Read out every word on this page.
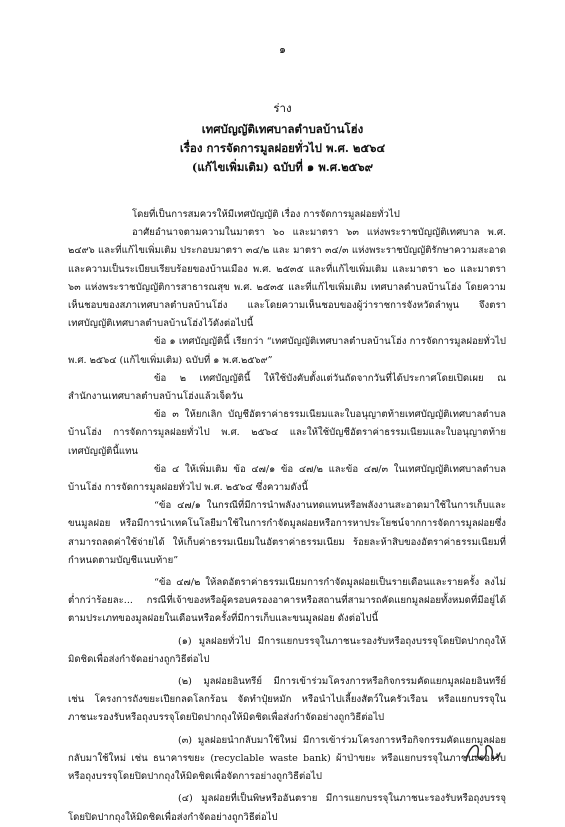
๑
ร่าง
เทศบัญญัติเทศบาลตำบลบ้านโฮ่ง
เรื่อง การจัดการมูลฝอยทั่วไป พ.ศ. ๒๕๖๔
(แก้ไขเพิ่มเติม) ฉบับที่ ๑ พ.ศ.๒๕๖๙

โดยที่เป็นการสมควรให้มีเทศบัญญัติ เรื่อง การจัดการมูลฝอยทั่วไป

อาศัยอำนาจตามความในมาตรา ๖๐ และมาตรา ๖๓ แห่งพระราชบัญญัติเทศบาล พ.ศ. ๒๔๙๖ และที่แก้ไขเพิ่มเติม ประกอบมาตรา ๓๔/๒ และ มาตรา ๓๔/๓ แห่งพระราชบัญญัติรักษาความสะอาดและความเป็นระเบียบเรียบร้อยของบ้านเมือง พ.ศ. ๒๕๓๕ และที่แก้ไขเพิ่มเติม และมาตรา ๒๐ และมาตรา ๖๓ แห่งพระราชบัญญัติการสาธารณสุข พ.ศ. ๒๕๓๕ และที่แก้ไขเพิ่มเติม เทศบาลตำบลบ้านโฮ่ง โดยความเห็นชอบของสภาเทศบาลตำบลบ้านโฮ่ง และโดยความเห็นชอบของผู้ว่าราชการจังหวัดลำพูน จึงตราเทศบัญญัติเทศบาลตำบลบ้านโฮ่งไว้ดังต่อไปนี้

ข้อ ๑ เทศบัญญัตินี้ เรียกว่า “เทศบัญญัติเทศบาลตำบลบ้านโฮ่ง การจัดการมูลฝอยทั่วไป พ.ศ. ๒๕๖๔ (แก้ไขเพิ่มเติม) ฉบับที่ ๑ พ.ศ.๒๕๖๙”

ข้อ ๒ เทศบัญญัตินี้ ให้ใช้บังคับตั้งแต่วันถัดจากวันที่ได้ประกาศโดยเปิดเผย ณ สำนักงานเทศบาลตำบลบ้านโฮ่งแล้วเจ็ดวัน

ข้อ ๓ ให้ยกเลิก บัญชีอัตราค่าธรรมเนียมและใบอนุญาตท้ายเทศบัญญัติเทศบาลตำบลบ้านโฮ่ง การจัดการมูลฝอยทั่วไป พ.ศ. ๒๕๖๔ และให้ใช้บัญชีอัตราค่าธรรมเนียมและใบอนุญาตท้ายเทศบัญญัตินี้แทน

ข้อ ๔ ให้เพิ่มเติม ข้อ ๔๗/๑ ข้อ ๔๗/๒ และข้อ ๔๗/๓ ในเทศบัญญัติเทศบาลตำบลบ้านโฮ่ง การจัดการมูลฝอยทั่วไป พ.ศ. ๒๕๖๔ ซึ่งความดังนี้

“ข้อ ๔๗/๑ ในกรณีที่มีการนำพลังงานทดแทนหรือพลังงานสะอาดมาใช้ในการเก็บและขนมูลฝอย หรือมีการนำเทคโนโลยีมาใช้ในการกำจัดมูลฝอยหรือการหาประโยชน์จากการจัดการมูลฝอยซึ่งสามารถลดค่าใช้จ่ายได้ ให้เก็บค่าธรรมเนียมในอัตราค่าธรรมเนียม ร้อยละห้าสิบของอัตราค่าธรรมเนียมที่กำหนดตามบัญชีแนบท้าย”

“ข้อ ๔๗/๒ ให้ลดอัตราค่าธรรมเนียมการกำจัดมูลฝอยเป็นรายเดือนและรายครั้ง ลงไม่ต่ำกว่าร้อยละ... กรณีที่เจ้าของหรือผู้ครอบครองอาคารหรือสถานที่สามารถคัดแยกมูลฝอยทั้งหมดที่มีอยู่ได้ตามประเภทของมูลฝอยในเดือนหรือครั้งที่มีการเก็บและขนมูลฝอย ดังต่อไปนี้

(๑) มูลฝอยทั่วไป มีการแยกบรรจุในภาชนะรองรับหรือถุงบรรจุโดยปิดปากถุงให้มิดชิดเพื่อส่งกำจัดอย่างถูกวิธีต่อไป

(๒) มูลฝอยอินทรีย์ มีการเข้าร่วมโครงการหรือกิจกรรมคัดแยกมูลฝอยอินทรีย์ เช่น โครงการถังขยะเปียกลดโลกร้อน จัดทำปุ๋ยหมัก หรือนำไปเลี้ยงสัตว์ในครัวเรือน หรือแยกบรรจุในภาชนะรองรับหรือถุงบรรจุโดยปิดปากถุงให้มิดชิดเพื่อส่งกำจัดอย่างถูกวิธีต่อไป

(๓) มูลฝอยนำกลับมาใช้ใหม่ มีการเข้าร่วมโครงการหรือกิจกรรมคัดแยกมูลฝอยกลับมาใช้ใหม่ เช่น ธนาคารขยะ (recyclable waste bank) ผ้าป่าขยะ หรือแยกบรรจุในภาชนะรองรับหรือถุงบรรจุโดยปิดปากถุงให้มิดชิดเพื่อจัดการอย่างถูกวิธีต่อไป

(๔) มูลฝอยที่เป็นพิษหรืออันตราย มีการแยกบรรจุในภาชนะรองรับหรือถุงบรรจุโดยปิดปากถุงให้มิดชิดเพื่อส่งกำจัดอย่างถูกวิธีต่อไป
